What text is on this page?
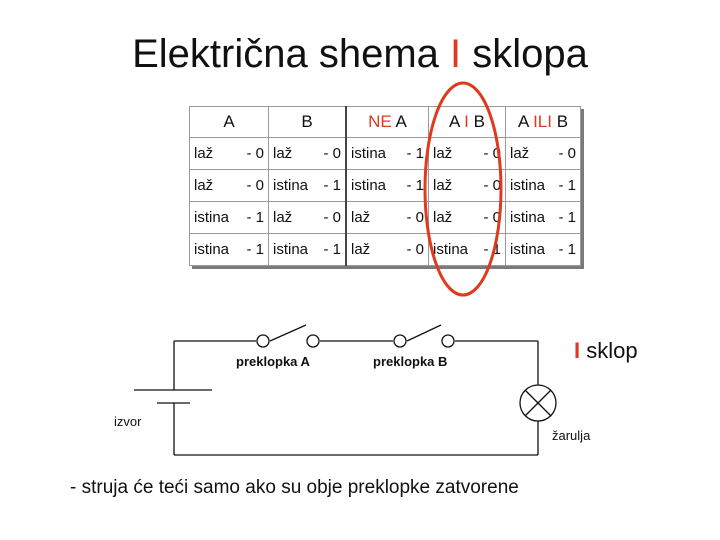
Električna shema I sklopa
A	B	NE A	A I B	A ILI B

laž - 0	laž - 0	istina - 1	laž - 0	laž - 0

laž - 0	istina - 1	istina - 1	laž - 0	istina - 1

istina - 1	laž - 0	laž - 0	laž - 0	istina - 1

istina - 1	istina - 1	laž - 0	istina - 1	istina - 1
preklopka A	preklopka B
izvor
žarulja
I sklop
- struja će teći samo ako su obje preklopke zatvorene
